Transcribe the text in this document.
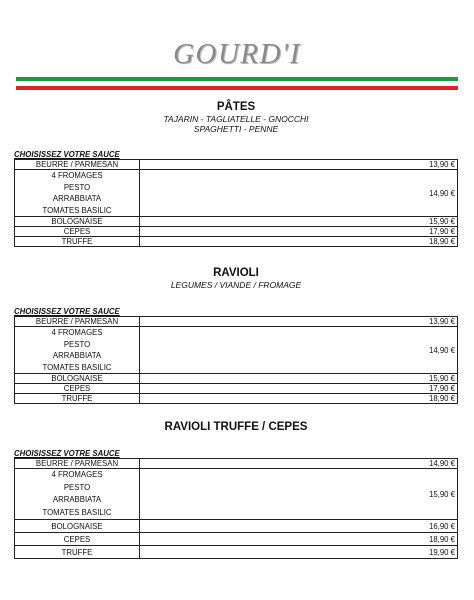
GOURD'I

PÂTES

TAJARIN - TAGLIATELLE - GNOCCHI

SPAGHETTI - PENNE

CHOISISSEZ VOTRE SAUCE

BEURRE / PARMESAN		13,90 €

4 FROMAGES
PESTO
ARRABBIATA
TOMATES BASILIC		14,90 €
BOLOGNAISE		15,90 €
CEPES		17,90 €
TRUFFE		18,90 €

RAVIOLI

LEGUMES / VIANDE / FROMAGE

CHOISISSEZ VOTRE SAUCE

BEURRE / PARMESAN		13,90 €

4 FROMAGES
PESTO
ARRABBIATA
TOMATES BASILIC		14,90 €
BOLOGNAISE		15,90 €
CEPES		17,90 €
TRUFFE		18,90 €

RAVIOLI TRUFFE / CEPES

CHOISISSEZ VOTRE SAUCE

BEURRE / PARMESAN		14,90 €

4 FROMAGES
PESTO
ARRABBIATA
TOMATES BASILIC		15,90 €
BOLOGNAISE		16,90 €
CEPES		18,90 €
TRUFFE		19,90 €
